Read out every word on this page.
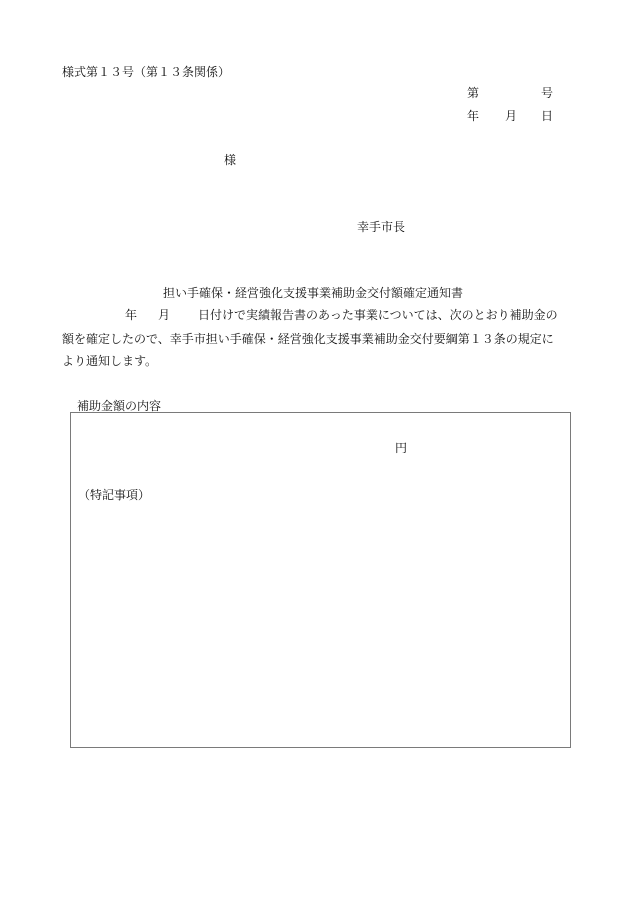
様式第１３号（第１３条関係）

第	号

年 月 日

様

幸手市長

担い手確保・経営強化支援事業補助金交付額確定通知書

年 月 日付けで実績報告書のあった事業については、次のとおり補助金の

額を確定したので、幸手市担い手確保・経営強化支援事業補助金交付要綱第１３条の規定に

より通知します。

補助金額の内容

円

（特記事項）
